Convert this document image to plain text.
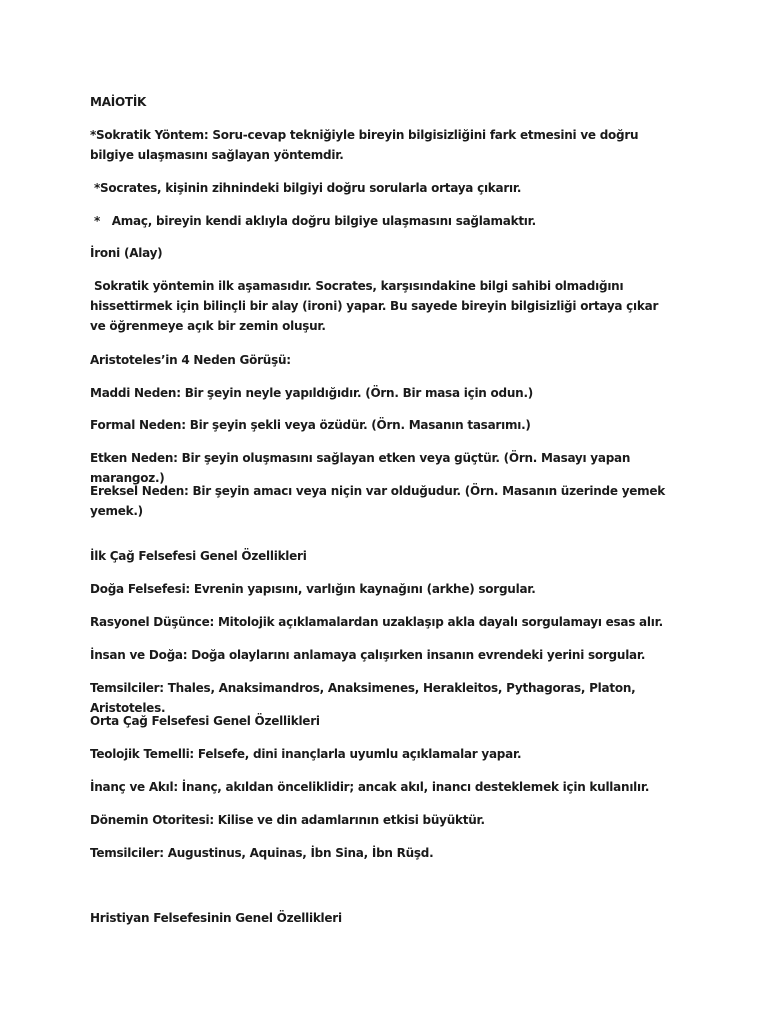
MAİOTİK

*Sokratik Yöntem: Soru-cevap tekniğiyle bireyin bilgisizliğini fark etmesini ve doğru bilgiye ulaşmasını sağlayan yöntemdir.

*Socrates, kişinin zihnindeki bilgiyi doğru sorularla ortaya çıkarır.

*   Amaç, bireyin kendi aklıyla doğru bilgiye ulaşmasını sağlamaktır.

İroni (Alay)

Sokratik yöntemin ilk aşamasıdır. Socrates, karşısındakine bilgi sahibi olmadığını hissettirmek için bilinçli bir alay (ironi) yapar. Bu sayede bireyin bilgisizliği ortaya çıkar ve öğrenmeye açık bir zemin oluşur.

Aristoteles’in 4 Neden Görüşü:

Maddi Neden: Bir şeyin neyle yapıldığıdır. (Örn. Bir masa için odun.)

Formal Neden: Bir şeyin şekli veya özüdür. (Örn. Masanın tasarımı.)

Etken Neden: Bir şeyin oluşmasını sağlayan etken veya güçtür. (Örn. Masayı yapan marangoz.)

Ereksel Neden: Bir şeyin amacı veya niçin var olduğudur. (Örn. Masanın üzerinde yemek yemek.)

İlk Çağ Felsefesi Genel Özellikleri

Doğa Felsefesi: Evrenin yapısını, varlığın kaynağını (arkhe) sorgular.

Rasyonel Düşünce: Mitolojik açıklamalardan uzaklaşıp akla dayalı sorgulamayı esas alır.

İnsan ve Doğa: Doğa olaylarını anlamaya çalışırken insanın evrendeki yerini sorgular.

Temsilciler: Thales, Anaksimandros, Anaksimenes, Herakleitos, Pythagoras, Platon, Aristoteles.

Orta Çağ Felsefesi Genel Özellikleri

Teolojik Temelli: Felsefe, dini inançlarla uyumlu açıklamalar yapar.

İnanç ve Akıl: İnanç, akıldan önceliklidir; ancak akıl, inancı desteklemek için kullanılır.

Dönemin Otoritesi: Kilise ve din adamlarının etkisi büyüktür.

Temsilciler: Augustinus, Aquinas, İbn Sina, İbn Rüşd.

Hristiyan Felsefesinin Genel Özellikleri
